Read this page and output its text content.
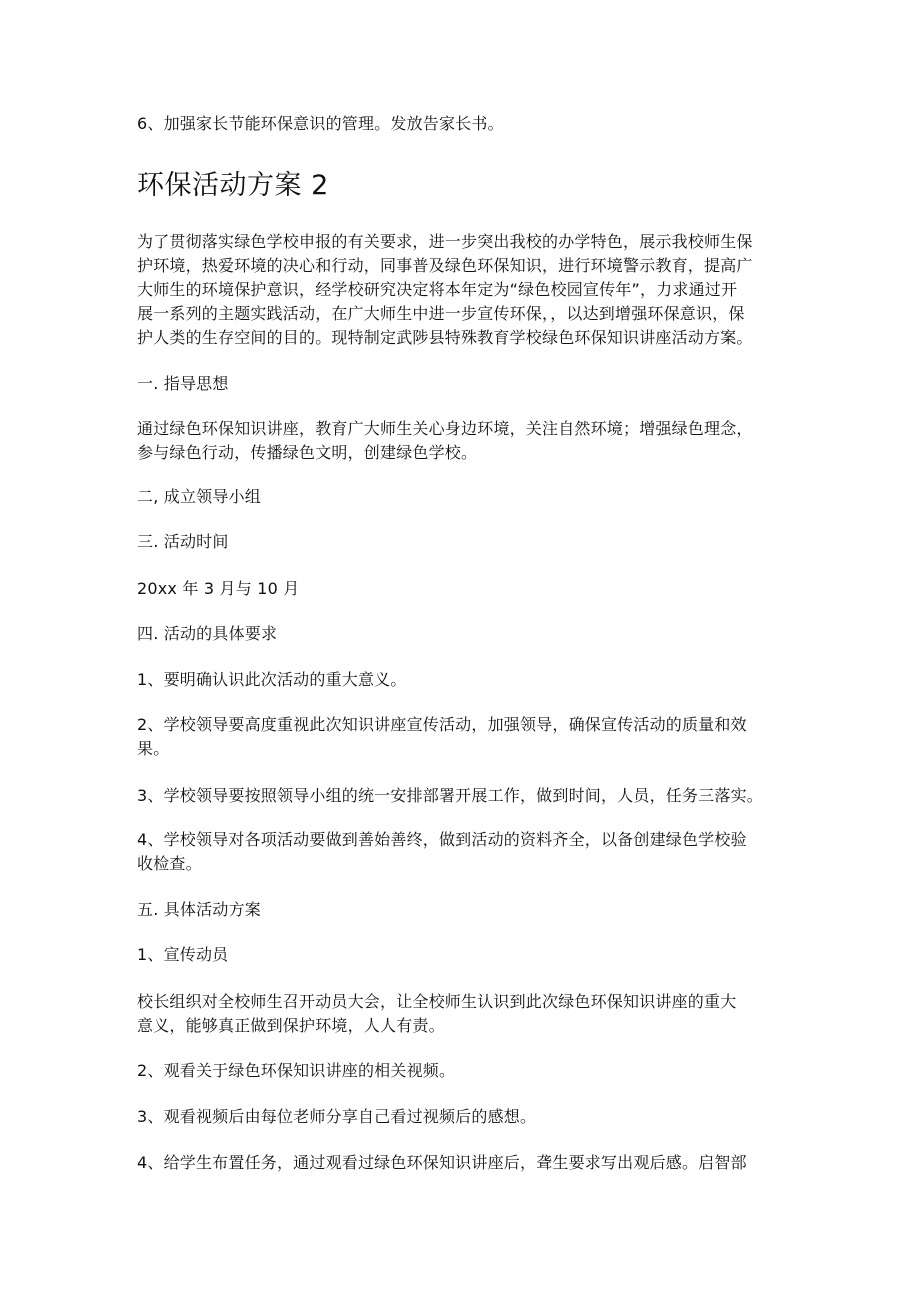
6、加强家长节能环保意识的管理。发放告家长书。

环保活动方案 2

为了贯彻落实绿色学校申报的有关要求，进一步突出我校的办学特色，展示我校师生保
护环境，热爱环境的决心和行动，同事普及绿色环保知识，进行环境警示教育，提高广
大师生的环境保护意识，经学校研究决定将本年定为“绿色校园宣传年”，力求通过开
展一系列的主题实践活动，在广大师生中进一步宣传环保，，以达到增强环保意识，保
护人类的生存空间的目的。现特制定武陟县特殊教育学校绿色环保知识讲座活动方案。

一. 指导思想

通过绿色环保知识讲座，教育广大师生关心身边环境，关注自然环境；增强绿色理念，
参与绿色行动，传播绿色文明，创建绿色学校。

二, 成立领导小组

三. 活动时间

20xx 年 3 月与 10 月

四. 活动的具体要求

1、要明确认识此次活动的重大意义。

2、学校领导要高度重视此次知识讲座宣传活动，加强领导，确保宣传活动的质量和效
果。

3、学校领导要按照领导小组的统一安排部署开展工作，做到时间，人员，任务三落实。

4、学校领导对各项活动要做到善始善终，做到活动的资料齐全，以备创建绿色学校验
收检查。

五. 具体活动方案

1、宣传动员

校长组织对全校师生召开动员大会，让全校师生认识到此次绿色环保知识讲座的重大
意义，能够真正做到保护环境，人人有责。

2、观看关于绿色环保知识讲座的相关视频。

3、观看视频后由每位老师分享自己看过视频后的感想。

4、给学生布置任务，通过观看过绿色环保知识讲座后，聋生要求写出观后感。启智部
